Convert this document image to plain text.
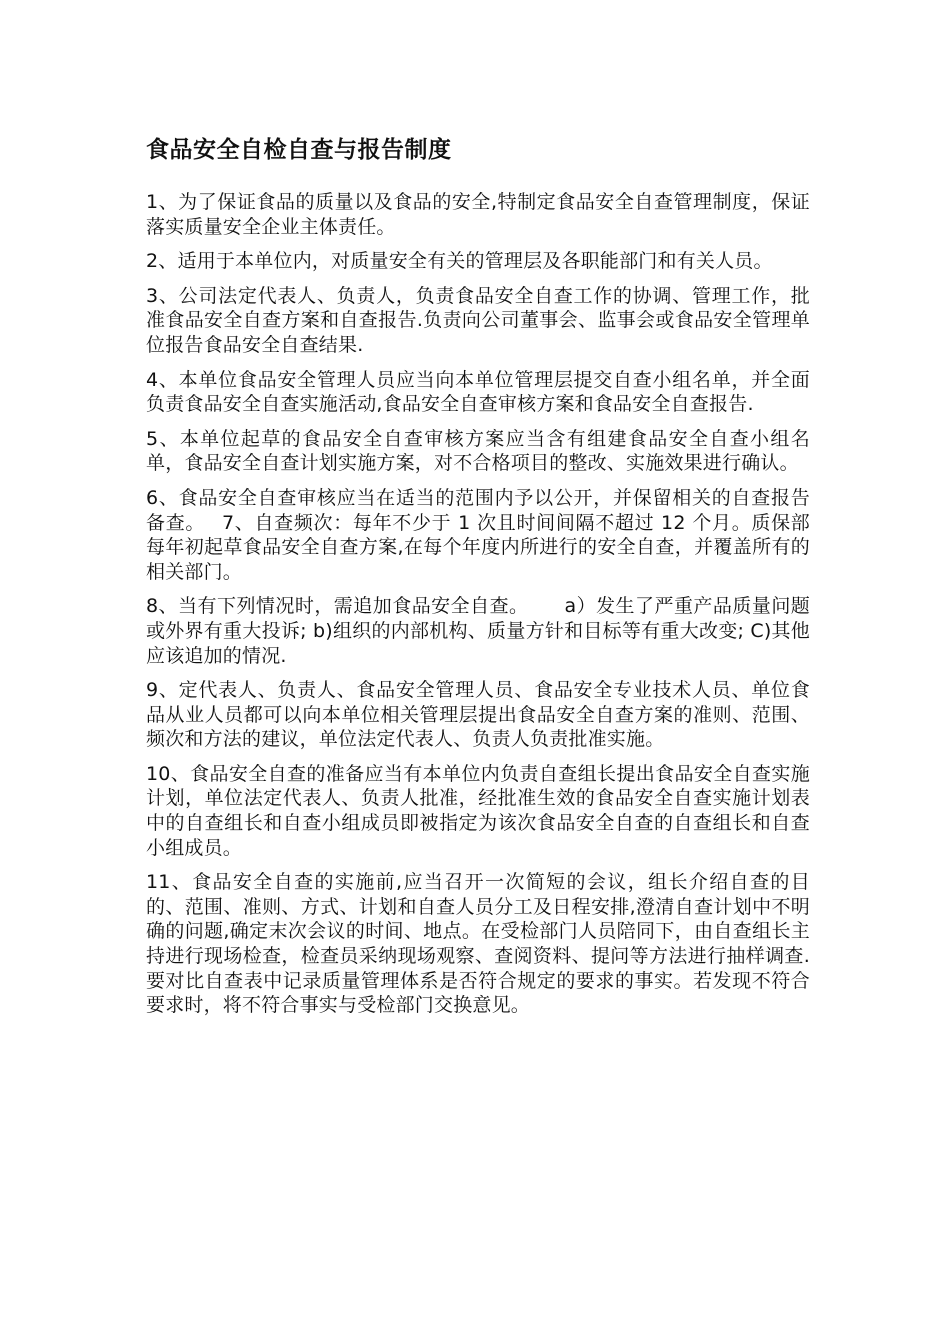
食品安全自检自查与报告制度

1、为了保证食品的质量以及食品的安全,特制定食品安全自查管理制度，保证落实质量安全企业主体责任。

2、适用于本单位内，对质量安全有关的管理层及各职能部门和有关人员。

3、公司法定代表人、负责人，负责食品安全自查工作的协调、管理工作，批准食品安全自查方案和自查报告.负责向公司董事会、监事会或食品安全管理单位报告食品安全自查结果.

4、本单位食品安全管理人员应当向本单位管理层提交自查小组名单，并全面负责食品安全自查实施活动,食品安全自查审核方案和食品安全自查报告.

5、本单位起草的食品安全自查审核方案应当含有组建食品安全自查小组名单，食品安全自查计划实施方案，对不合格项目的整改、实施效果进行确认。

6、食品安全自查审核应当在适当的范围内予以公开，并保留相关的自查报告备查。　 7、自查频次：每年不少于 1 次且时间间隔不超过 12 个月。质保部每年初起草食品安全自查方案,在每个年度内所进行的安全自查，并覆盖所有的相关部门。

8、当有下列情况时，需追加食品安全自查。　　 a）发生了严重产品质量问题或外界有重大投诉; b)组织的内部机构、质量方针和目标等有重大改变; C)其他应该追加的情况.

9、定代表人、负责人、食品安全管理人员、食品安全专业技术人员、单位食品从业人员都可以向本单位相关管理层提出食品安全自查方案的准则、范围、频次和方法的建议，单位法定代表人、负责人负责批准实施。

10、食品安全自查的准备应当有本单位内负责自查组长提出食品安全自查实施计划，单位法定代表人、负责人批准，经批准生效的食品安全自查实施计划表中的自查组长和自查小组成员即被指定为该次食品安全自查的自查组长和自查小组成员。

11、食品安全自查的实施前,应当召开一次简短的会议，组长介绍自查的目的、范围、准则、方式、计划和自查人员分工及日程安排,澄清自查计划中不明确的问题,确定末次会议的时间、地点。在受检部门人员陪同下，由自查组长主持进行现场检查，检查员采纳现场观察、查阅资料、提问等方法进行抽样调查.要对比自查表中记录质量管理体系是否符合规定的要求的事实。若发现不符合要求时，将不符合事实与受检部门交换意见。
